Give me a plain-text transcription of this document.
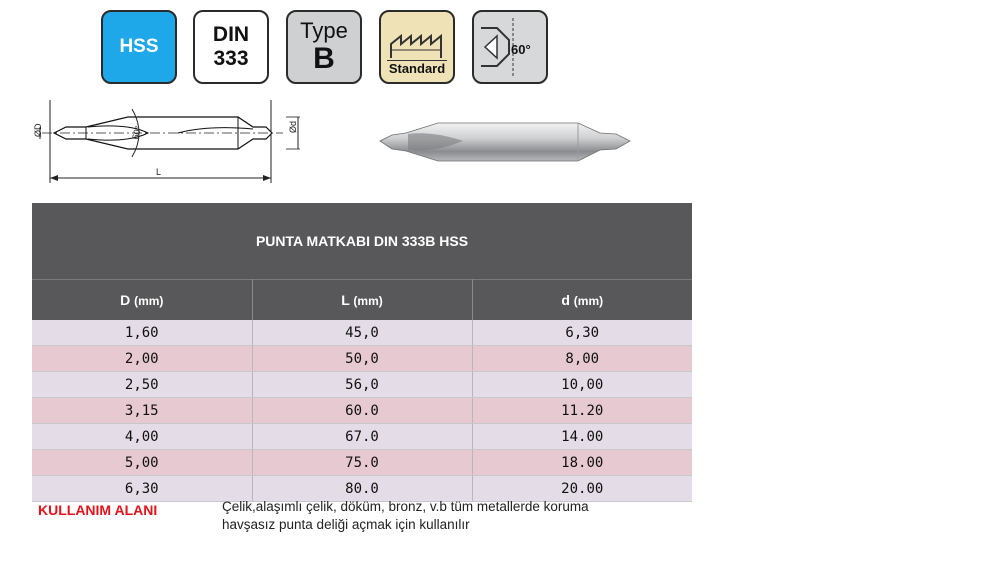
HSS
DIN
333
Type
B	Standard
60°
L
60°
ØD	Ød
PUNTA MATKABI DIN 333B HSS
D (mm)	L (mm)	d (mm)
1,60	45,0	6,30
2,00	50,0	8,00
2,50	56,0	10,00
3,15	60.0	11.20
4,00	67.0	14.00
5,00	75.0	18.00
6,30	80.0	20.00
KULLANIM ALANI	Çelik,alaşımlı çelik, döküm, bronz, v.b tüm metallerde koruma
havşasız punta deliği açmak için kullanılır
